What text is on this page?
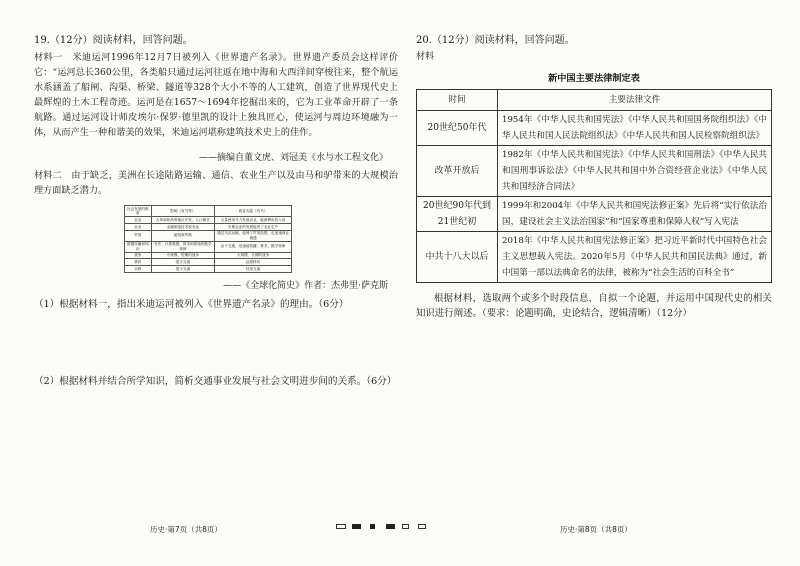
19.（12分）阅读材料，回答问题。
材料一　米迪运河1996年12月7日被列入《世界遗产名录》。世界遗产委员会这样评价它：“运河总长360公里，各类船只通过运河往返在地中海和大西洋间穿梭往来，整个航运水系涵盖了船闸、沟渠、桥梁、隧道等328个大小不等的人工建筑，创造了世界现代史上最辉煌的土木工程奇迹。运河是在1657～1694年挖掘出来的，它为工业革命开辟了一条航路。通过运河设计师皮埃尔·保罗·德里凯的设计上独具匠心，使运河与周边环境融为一体，从而产生一种和谐美的效果，米迪运河堪称建筑技术史上的佳作。
——摘编自董文虎、刘冠美《水与水工程文化》
材料二　由于缺乏，美洲在长途陆路运输、通信、农业生产以及由马和驴带来的大规模治理方面缺乏潜力。
社会发展的维度	影响（有马等）	欧亚大陆（有马）
农业	大草原和热带地区开发、人口稠多	大量使用马力发展农业，能源费用投入高
农业	金属制造技术较发达	早期农业的发展促进了农业生产
贸易	缩短商贸路	通过马匹运输，延伸了贸易范围，也加速商业流通
数据传播和知识	写作、计算数据、算术和原始的数学规律	由于交通，迅速地传播、算术、数学规律
战争	小规模、短期的战争	大规模、长期的战争
移民	很少交流	远程移民
宗教	很少交流	经常交流
——《全球化简史》作者：杰弗里·萨克斯
（1）根据材料一，指出米迪运河被列入《世界遗产名录》的理由。（6分）
（2）根据材料并结合所学知识，简析交通事业发展与社会文明进步间的关系。（6分）
20.（12分）阅读材料，回答问题。
材料
新中国主要法律制定表
时间	主要法律文件
20世纪50年代	1954年《中华人民共和国宪法》《中华人民共和国国务院组织法》《中华人民共和国人民法院组织法》《中华人民共和国人民检察院组织法》
改革开放后	1982年《中华人民共和国宪法》《中华人民共和国刑法》《中华人民共和国刑事诉讼法》《中华人民共和国中外合资经营企业法》《中华人民共和国经济合同法》
20世纪90年代到21世纪初	1999年和2004年《中华人民共和国宪法修正案》先后将“实行依法治国，建设社会主义法治国家”和“国家尊重和保障人权”写入宪法
中共十八大以后	2018年《中华人民共和国宪法修正案》把习近平新时代中国特色社会主义思想载入宪法。2020年5月《中华人民共和国民法典》通过，新中国第一部以法典命名的法律，被称为“社会生活的百科全书”
根据材料，选取两个或多个时段信息，自拟一个论题，并运用中国现代史的相关知识进行阐述。（要求：论题明确，史论结合，逻辑清晰）（12分）
历史·第7页（共8页）	历史·第8页（共8页）
